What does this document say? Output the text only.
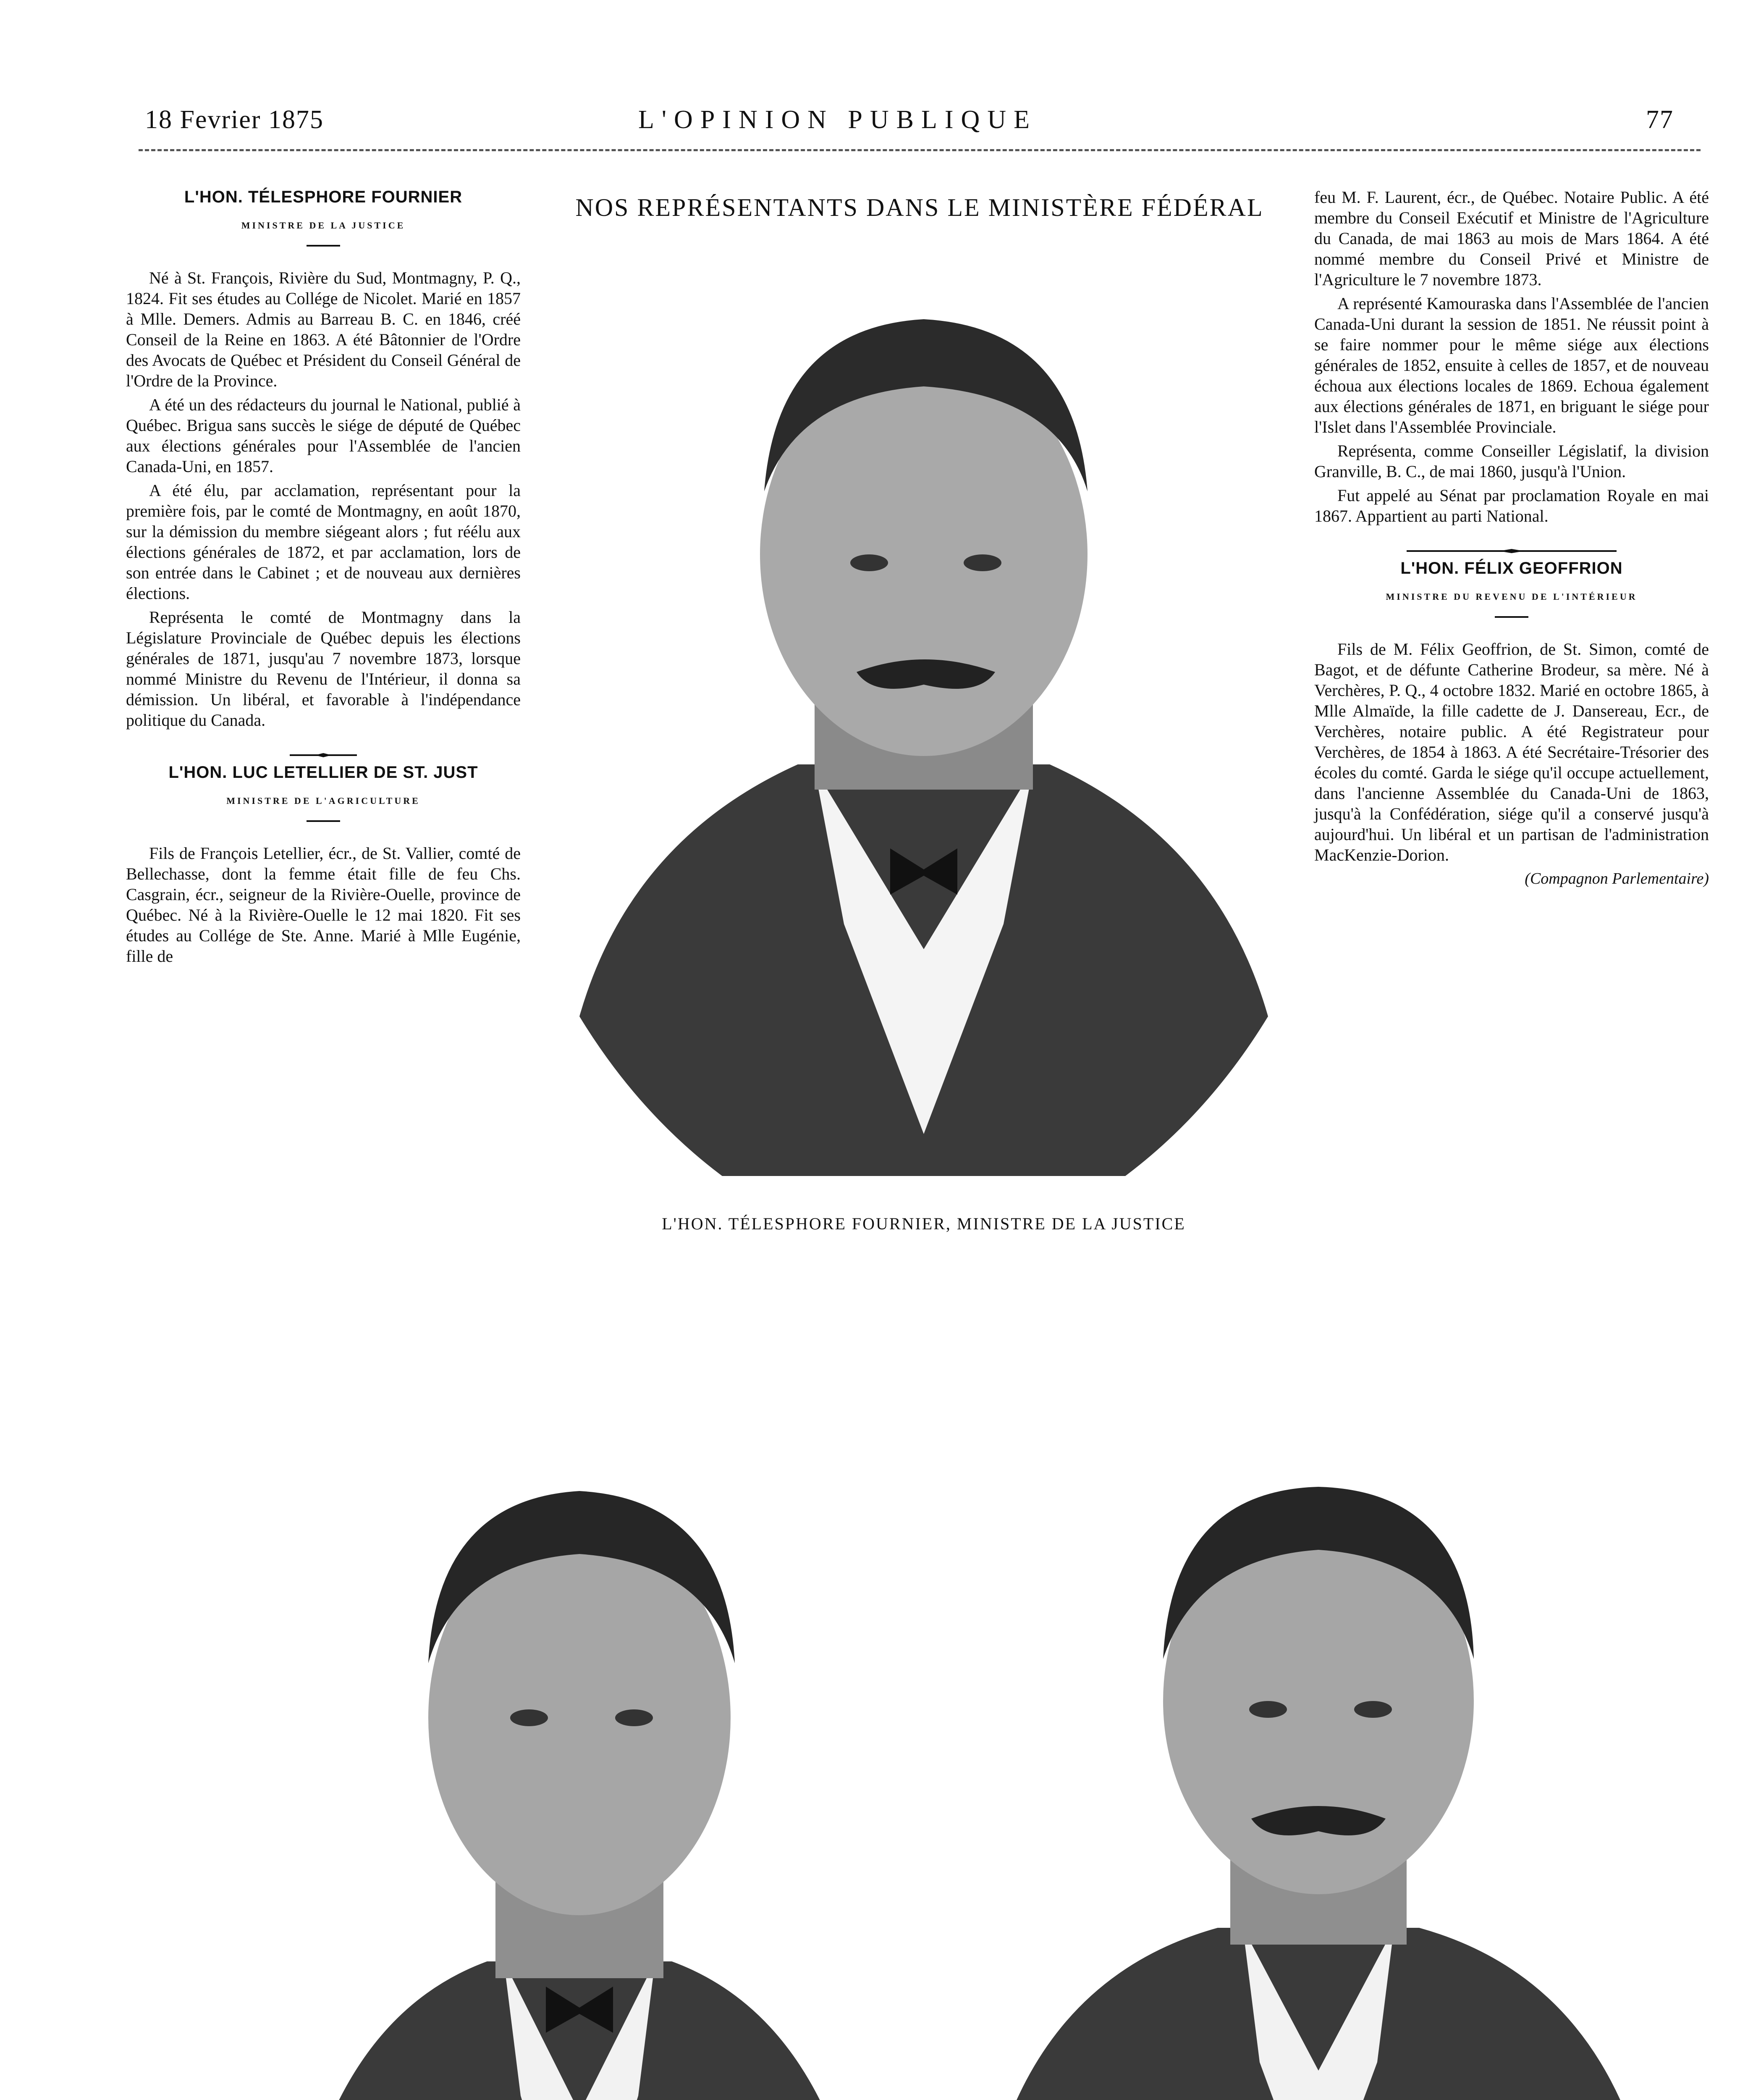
18 Fevrier 1875	L'OPINION PUBLIQUE	77
L'HON. TÉLESPHORE FOURNIER
MINISTRE DE LA JUSTICE

Né à St. François, Rivière du Sud, Montmagny, P. Q., 1824. Fit ses études au Collége de Nicolet. Marié en 1857 à Mlle. Demers. Admis au Barreau B. C. en 1846, créé Conseil de la Reine en 1863. A été Bâtonnier de l'Ordre des Avocats de Québec et Président du Conseil Général de l'Ordre de la Province.

A été un des rédacteurs du journal le National, publié à Québec. Brigua sans succès le siége de député de Québec aux élections générales pour l'Assemblée de l'ancien Canada-Uni, en 1857.

A été élu, par acclamation, représentant pour la première fois, par le comté de Montmagny, en août 1870, sur la démission du membre siégeant alors ; fut réélu aux élections générales de 1872, et par acclamation, lors de son entrée dans le Cabinet ; et de nouveau aux dernières élections.

Représenta le comté de Montmagny dans la Législature Provinciale de Québec depuis les élections générales de 1871, jusqu'au 7 novembre 1873, lorsque nommé Ministre du Revenu de l'Intérieur, il donna sa démission. Un libéral, et favorable à l'indépendance politique du Canada.

L'HON. LUC LETELLIER DE ST. JUST
MINISTRE DE L'AGRICULTURE

Fils de François Letellier, écr., de St. Vallier, comté de Bellechasse, dont la femme était fille de feu Chs. Casgrain, écr., seigneur de la Rivière-Ouelle, province de Québec. Né à la Rivière-Ouelle le 12 mai 1820. Fit ses études au Collége de Ste. Anne. Marié à Mlle Eugénie, fille de

NOS REPRÉSENTANTS DANS LE MINISTÈRE FÉDÉRAL
L'HON. TÉLESPHORE FOURNIER, MINISTRE DE LA JUSTICE

feu M. F. Laurent, écr., de Québec. Notaire Public. A été membre du Conseil Exécutif et Ministre de l'Agriculture du Canada, de mai 1863 au mois de Mars 1864. A été nommé membre du Conseil Privé et Ministre de l'Agriculture le 7 novembre 1873.

A représenté Kamouraska dans l'Assemblée de l'ancien Canada-Uni durant la session de 1851. Ne réussit point à se faire nommer pour le même siége aux élections générales de 1852, ensuite à celles de 1857, et de nouveau échoua aux élections locales de 1869. Echoua également aux élections générales de 1871, en briguant le siége pour l'Islet dans l'Assemblée Provinciale.

Représenta, comme Conseiller Législatif, la division Granville, B. C., de mai 1860, jusqu'à l'Union.

Fut appelé au Sénat par proclamation Royale en mai 1867. Appartient au parti National.

L'HON. FÉLIX GEOFFRION
MINISTRE DU REVENU DE L'INTÉRIEUR

Fils de M. Félix Geoffrion, de St. Simon, comté de Bagot, et de défunte Catherine Brodeur, sa mère. Né à Verchères, P. Q., 4 octobre 1832. Marié en octobre 1865, à Mlle Almaïde, la fille cadette de J. Dansereau, Ecr., de Verchères, notaire public. A été Registrateur pour Verchères, de 1854 à 1863. A été Secrétaire-Trésorier des écoles du comté. Garda le siége qu'il occupe actuellement, dans l'ancienne Assemblée du Canada-Uni de 1863, jusqu'à la Confédération, siége qu'il a conservé jusqu'à aujourd'hui. Un libéral et un partisan de l'administration MacKenzie-Dorion.

(Compagnon Parlementaire)
